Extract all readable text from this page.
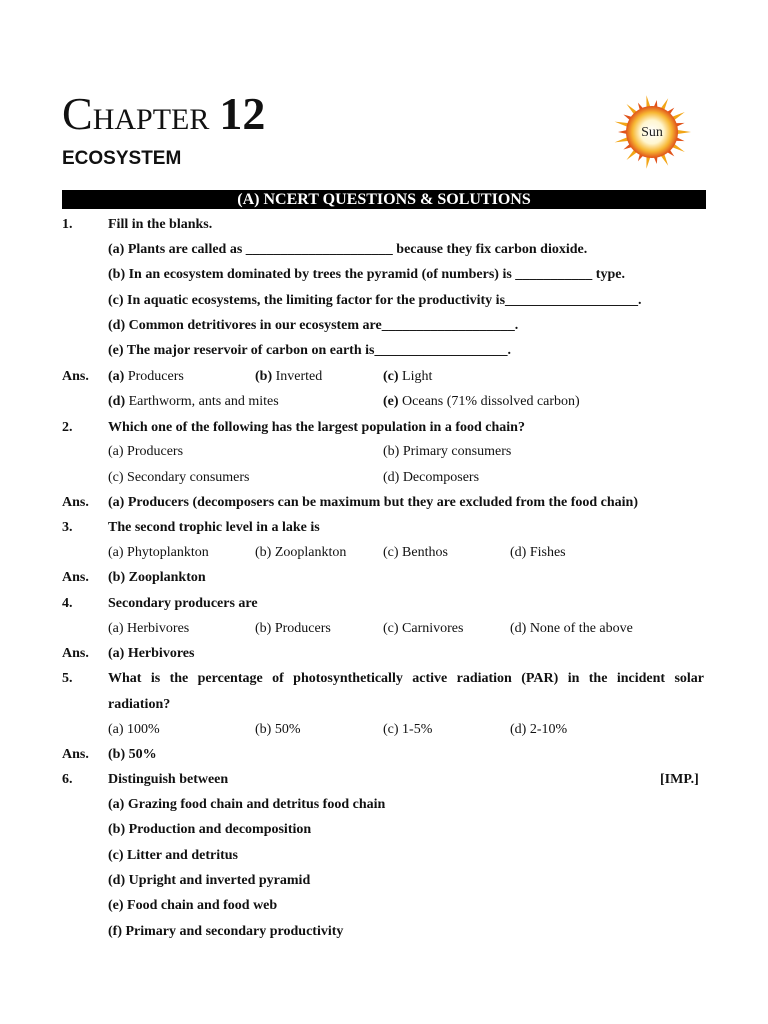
CHAPTER 12
ECOSYSTEM
Sun
(A) NCERT QUESTIONS & SOLUTIONS
1.	Fill in the blanks.
(a) Plants are called as _____________________ because they fix carbon dioxide.
(b) In an ecosystem dominated by trees the pyramid (of numbers) is ___________ type.
(c) In aquatic ecosystems, the limiting factor for the productivity is___________________.
(d) Common detritivores in our ecosystem are___________________.
(e) The major reservoir of carbon on earth is___________________.
Ans. (a) Producers	(b) Inverted	(c) Light
(d) Earthworm, ants and mites	(e) Oceans (71% dissolved carbon)
2.	Which one of the following has the largest population in a food chain?
(a) Producers	(b) Primary consumers
(c) Secondary consumers	(d) Decomposers
Ans. (a) Producers (decomposers can be maximum but they are excluded from the food chain)
3.	The second trophic level in a lake is
(a) Phytoplankton	(b) Zooplankton	(c) Benthos	(d) Fishes
Ans. (b) Zooplankton
4.	Secondary producers are
(a) Herbivores	(b) Producers	(c) Carnivores	(d) None of the above
Ans. (a) Herbivores
5.	What is the percentage of photosynthetically active radiation (PAR) in the incident solar
radiation?
(a) 100%	(b) 50%	(c) 1-5%	(d) 2-10%
Ans. (b) 50%
6.	Distinguish between	[IMP.]
(a) Grazing food chain and detritus food chain
(b) Production and decomposition
(c) Litter and detritus
(d) Upright and inverted pyramid
(e) Food chain and food web
(f) Primary and secondary productivity
